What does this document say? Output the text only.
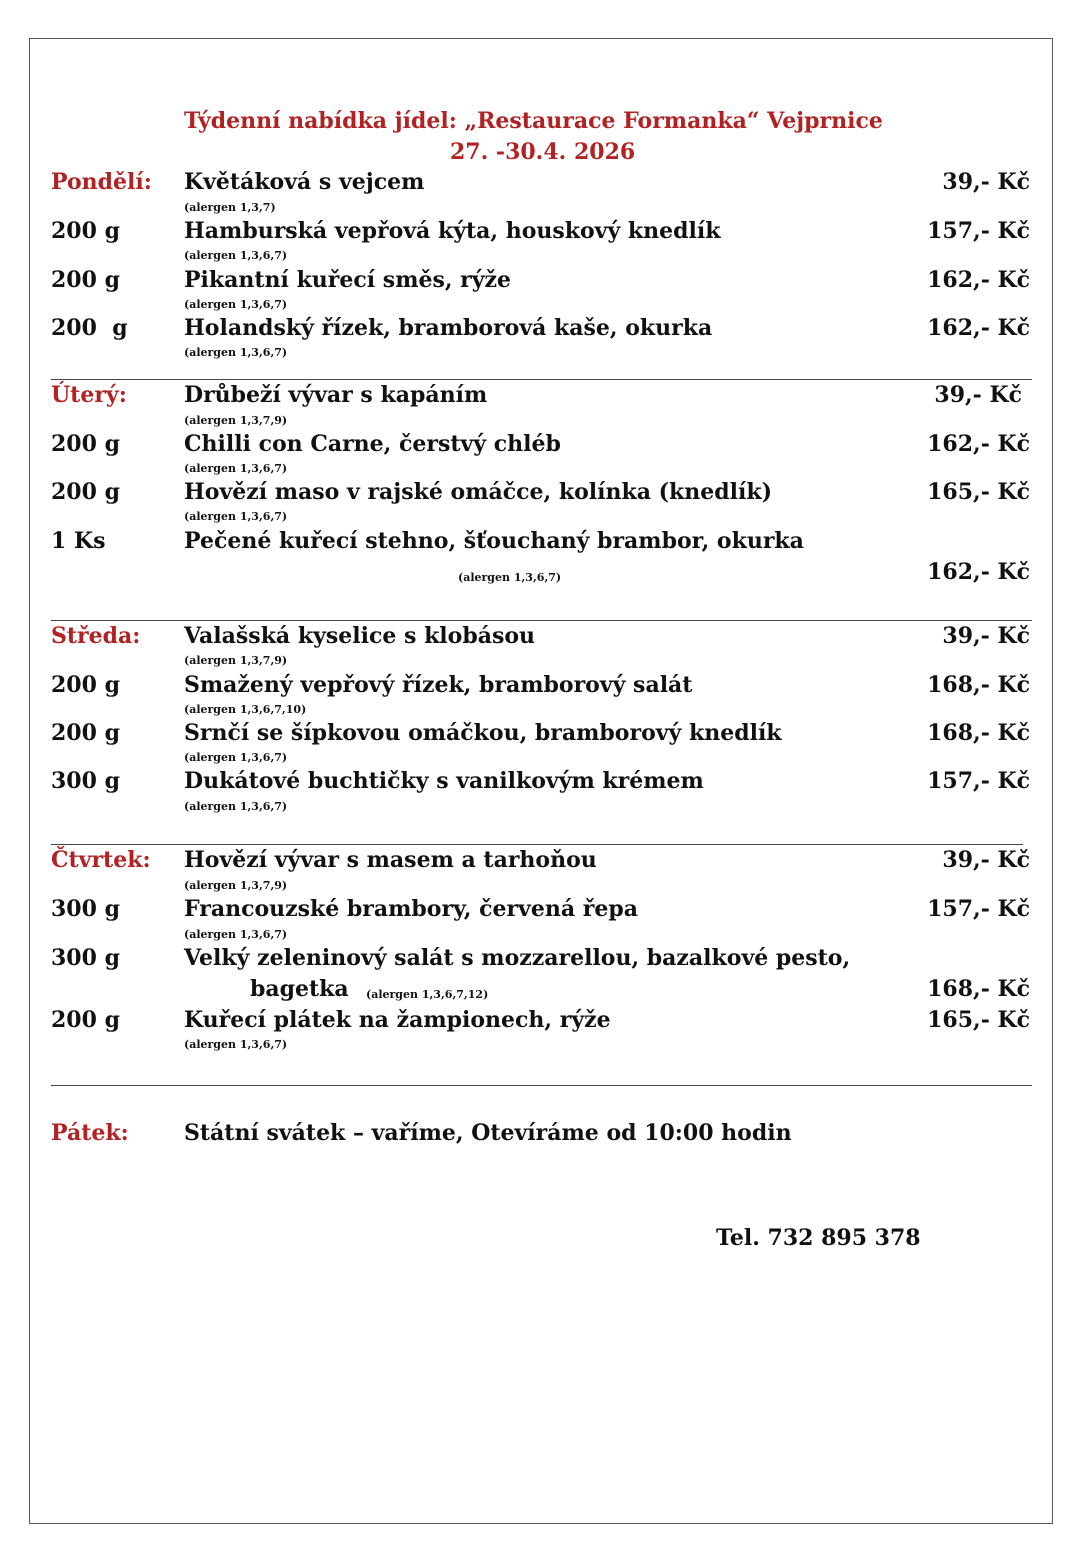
Týdenní nabídka jídel: „Restaurace Formanka“ Vejprnice
27. -30.4. 2026
Pondělí: Květáková s vejcem	39,- Kč
(alergen 1,3,7)
200 g	Hamburská vepřová kýta, houskový knedlík	157,- Kč
(alergen 1,3,6,7)
200 g	Pikantní kuřecí směs, rýže	162,- Kč
(alergen 1,3,6,7)
200  g	Holandský řízek, bramborová kaše, okurka	162,- Kč
(alergen 1,3,6,7)
Úterý:	Drůbeží vývar s kapáním	39,- Kč
(alergen 1,3,7,9)
200 g	Chilli con Carne, čerstvý chléb	162,- Kč
(alergen 1,3,6,7)
200 g	Hovězí maso v rajské omáčce, kolínka (knedlík)	165,- Kč
(alergen 1,3,6,7)
1 Ks	Pečené kuřecí stehno, šťouchaný brambor, okurka
(alergen 1,3,6,7)	162,- Kč
Středa: Valašská kyselice s klobásou	39,- Kč
(alergen 1,3,7,9)
200 g	Smažený vepřový řízek, bramborový salát	168,- Kč
(alergen 1,3,6,7,10)
200 g	Srnčí se šípkovou omáčkou, bramborový knedlík	168,- Kč
(alergen 1,3,6,7)
300 g	Dukátové buchtičky s vanilkovým krémem	157,- Kč
(alergen 1,3,6,7)
Čtvrtek: Hovězí vývar s masem a tarhoňou	39,- Kč
(alergen 1,3,7,9)
300 g	Francouzské brambory, červená řepa	157,- Kč
(alergen 1,3,6,7)
300 g	Velký zeleninový salát s mozzarellou, bazalkové pesto,
bagetka (alergen 1,3,6,7,12)	168,- Kč
200 g	Kuřecí plátek na žampionech, rýže	165,- Kč
(alergen 1,3,6,7)
Pátek:	Státní svátek – vaříme, Otevíráme od 10:00 hodin
Tel. 732 895 378
